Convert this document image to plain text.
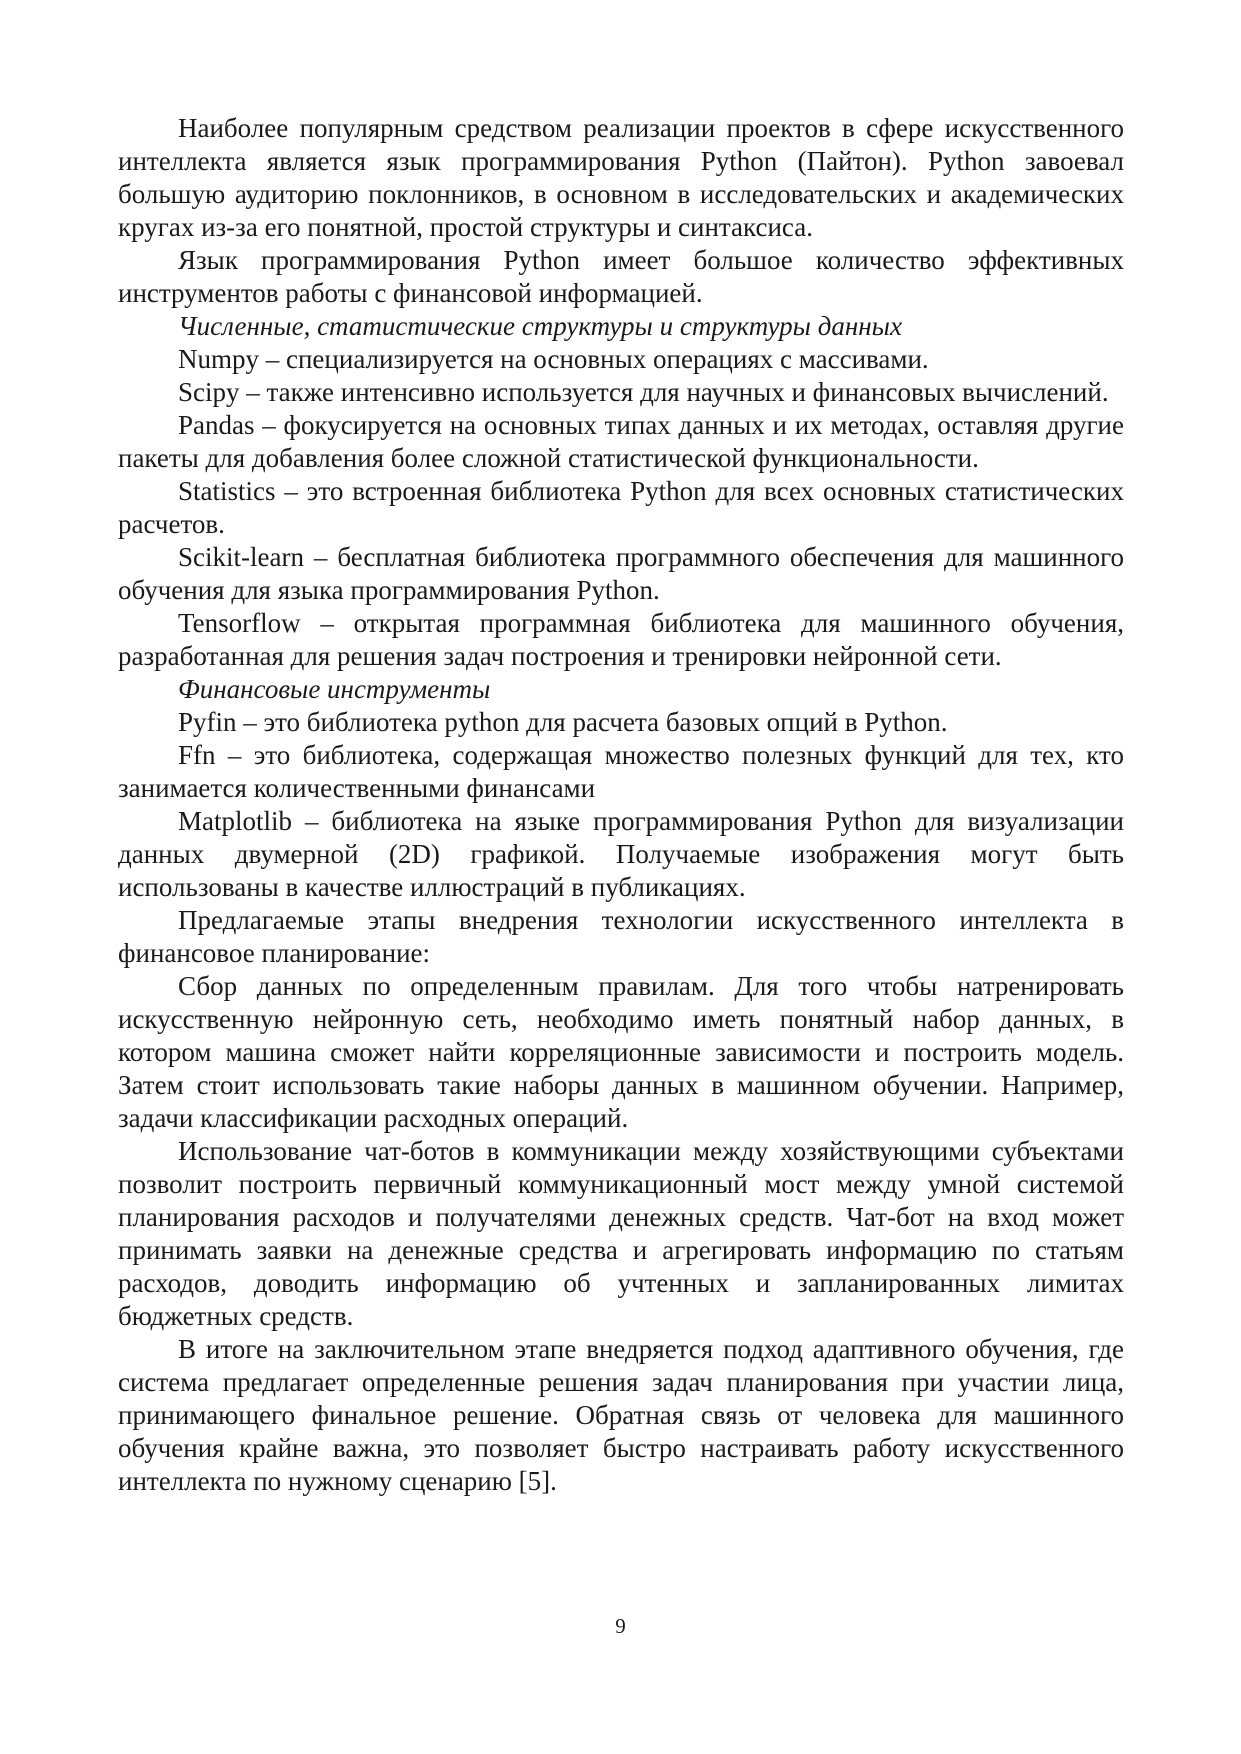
Наиболее популярным средством реализации проектов в сфере искусственного интеллекта является язык программирования Python (Пайтон). Python завоевал большую аудиторию поклонников, в основном в исследовательских и академических кругах из-за его понятной, простой структуры и синтаксиса.

Язык программирования Python имеет большое количество эффективных инструментов работы с финансовой информацией.

Численные, статистические структуры и структуры данных

Numpy – специализируется на основных операциях с массивами.

Scipy – также интенсивно используется для научных и финансовых вычислений.

Pandas – фокусируется на основных типах данных и их методах, оставляя другие пакеты для добавления более сложной статистической функциональности.

Statistics – это встроенная библиотека Python для всех основных статистических расчетов.

Scikit-learn – бесплатная библиотека программного обеспечения для машинного обучения для языка программирования Python.

Tensorflow – открытая программная библиотека для машинного обучения, разработанная для решения задач построения и тренировки нейронной сети.

Финансовые инструменты

Pyfin – это библиотека python для расчета базовых опций в Python.

Ffn – это библиотека, содержащая множество полезных функций для тех, кто занимается количественными финансами

Matplotlib – библиотека на языке программирования Python для визуализации данных двумерной (2D) графикой. Получаемые изображения могут быть использованы в качестве иллюстраций в публикациях.

Предлагаемые этапы внедрения технологии искусственного интеллекта в финансовое планирование:

Сбор данных по определенным правилам. Для того чтобы натренировать искусственную нейронную сеть, необходимо иметь понятный набор данных, в котором машина сможет найти корреляционные зависимости и построить модель. Затем стоит использовать такие наборы данных в машинном обучении. Например, задачи классификации расходных операций.

Использование чат-ботов в коммуникации между хозяйствующими субъектами позволит построить первичный коммуникационный мост между умной системой планирования расходов и получателями денежных средств. Чат-бот на вход может принимать заявки на денежные средства и агрегировать информацию по статьям расходов, доводить информацию об учтенных и запланированных лимитах бюджетных средств.

В итоге на заключительном этапе внедряется подход адаптивного обучения, где система предлагает определенные решения задач планирования при участии лица, принимающего финальное решение. Обратная связь от человека для машинного обучения крайне важна, это позволяет быстро настраивать работу искусственного интеллекта по нужному сценарию [5].

9
